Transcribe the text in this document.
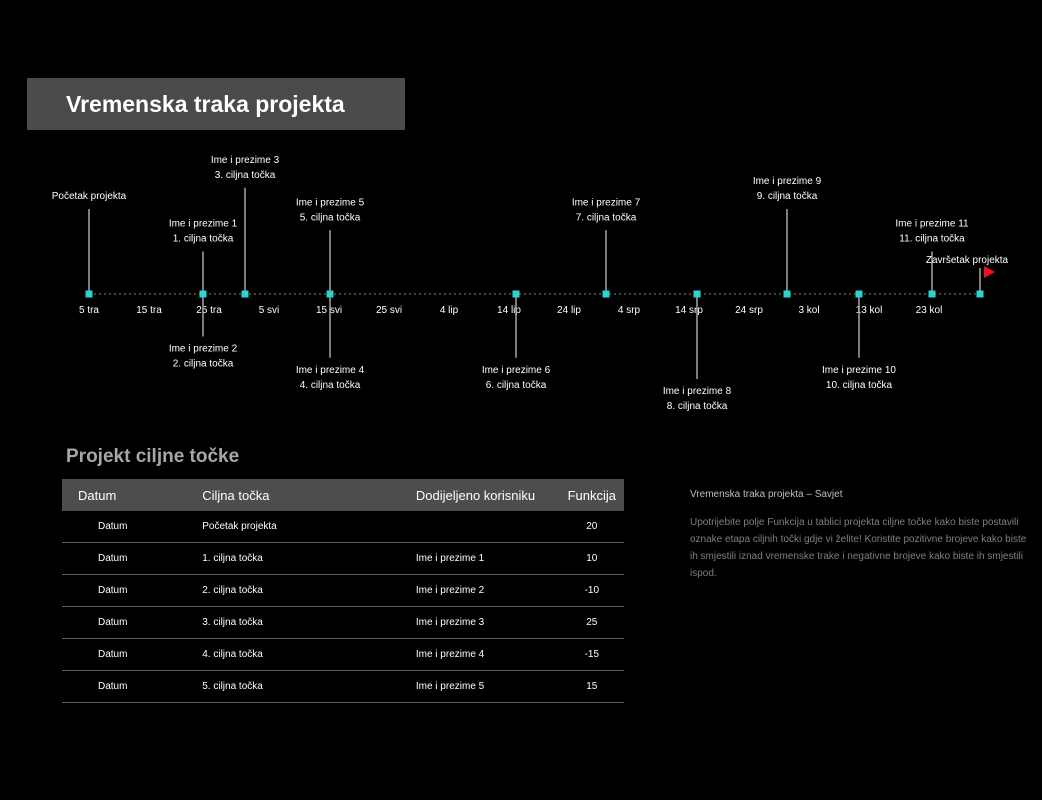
Vremenska traka projekta
5 tra	15 tra	25 tra	5 svi	15 svi	25 svi	4 lip	14 lip	24 lip	4 srp	14 srp	24 srp	3 kol	13 kol	23 kol
Početak projekta
Ime i prezime 1
1. ciljna točka
Ime i prezime 2
2. ciljna točka
Ime i prezime 3
3. ciljna točka
Ime i prezime 4
4. ciljna točka
Ime i prezime 5
5. ciljna točka
Ime i prezime 6
6. ciljna točka
Ime i prezime 7
7. ciljna točka
Ime i prezime 8
8. ciljna točka
Ime i prezime 9
9. ciljna točka
Ime i prezime 10
10. ciljna točka
Ime i prezime 11
11. ciljna točka
Završetak projekta
Projekt ciljne točke
Datum	Ciljna točka	Dodijeljeno korisniku	Funkcija
Datum	Početak projekta		20
Datum	1. ciljna točka	Ime i prezime 1	10
Datum	2. ciljna točka	Ime i prezime 2	-10
Datum	3. ciljna točka	Ime i prezime 3	25
Datum	4. ciljna točka	Ime i prezime 4	-15
Datum	5. ciljna točka	Ime i prezime 5	15
Vremenska traka projekta – Savjet
Upotrijebite polje Funkcija u tablici projekta ciljne točke kako biste postavili oznake etapa ciljnih točki gdje vi želite! Koristite pozitivne brojeve kako biste ih smjestili iznad vremenske trake i negativne brojeve kako biste ih smjestili ispod.
